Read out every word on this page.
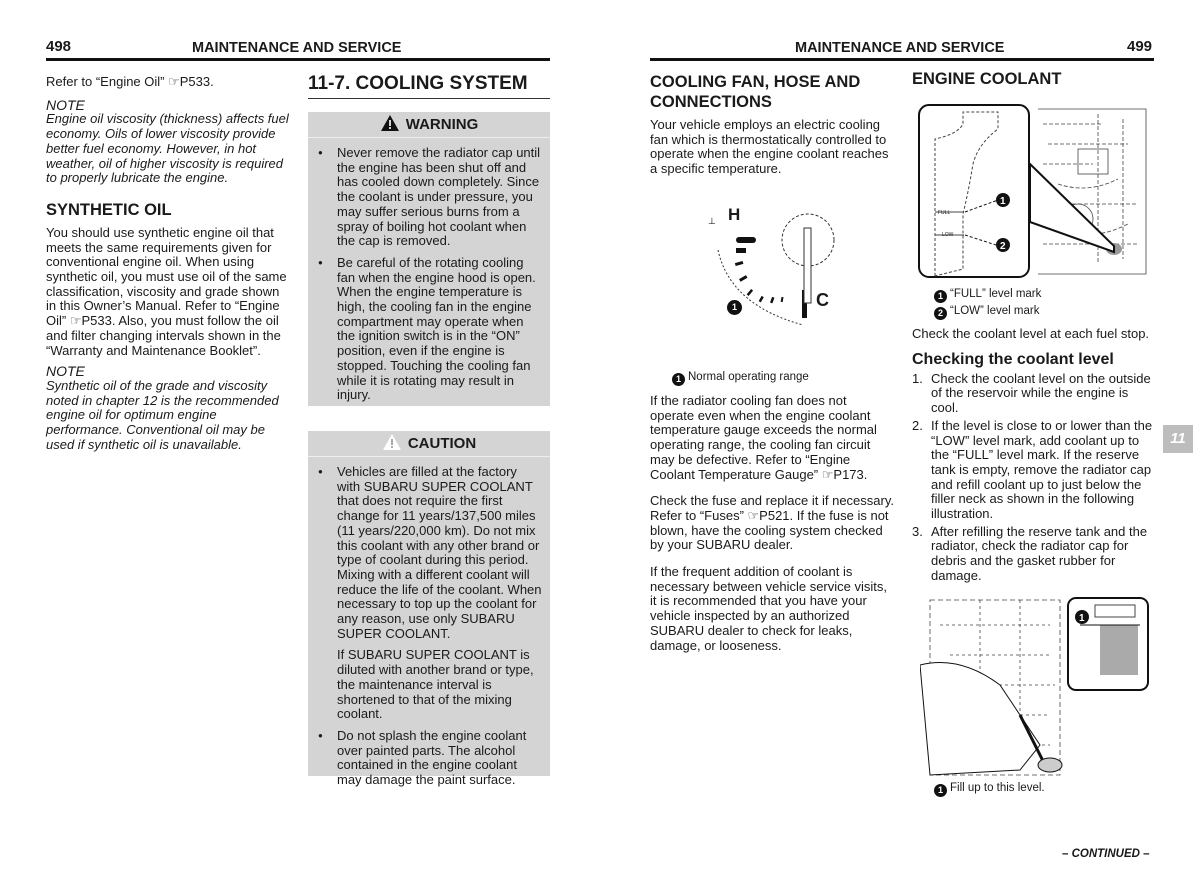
498	MAINTENANCE AND SERVICE

Refer to “Engine Oil” ☞P533.

NOTE

Engine oil viscosity (thickness) affects fuel economy. Oils of lower viscosity provide better fuel economy. However, in hot weather, oil of higher viscosity is required to properly lubricate the engine.

SYNTHETIC OIL

You should use synthetic engine oil that meets the same requirements given for conventional engine oil. When using synthetic oil, you must use oil of the same classification, viscosity and grade shown in this Owner’s Manual. Refer to “Engine Oil” ☞P533. Also, you must follow the oil and filter changing intervals shown in the “Warranty and Maintenance Booklet”.

NOTE

Synthetic oil of the grade and viscosity noted in chapter 12 is the recommended engine oil for optimum engine performance. Conventional oil may be used if synthetic oil is unavailable.

11-7. COOLING SYSTEM
WARNING
● Never remove the radiator cap until the engine has been shut off and has cooled down completely. Since the coolant is under pressure, you may suffer serious burns from a spray of boiling hot coolant when the cap is removed.
● Be careful of the rotating cooling fan when the engine hood is open. When the engine temperature is high, the cooling fan in the engine compartment may operate when the ignition switch is in the “ON” position, even if the engine is stopped. Touching the cooling fan while it is rotating may result in injury.
CAUTION
● Vehicles are filled at the factory with SUBARU SUPER COOLANT that does not require the first change for 11 years/137,500 miles (11 years/220,000 km). Do not mix this coolant with any other brand or type of coolant during this period. Mixing with a different coolant will reduce the life of the coolant. When necessary to top up the coolant for any reason, use only SUBARU SUPER COOLANT.

If SUBARU SUPER COOLANT is diluted with another brand or type, the maintenance interval is shortened to that of the mixing coolant.

● Do not splash the engine coolant over painted parts. The alcohol contained in the engine coolant may damage the paint surface.
MAINTENANCE AND SERVICE	499
COOLING FAN, HOSE AND CONNECTIONS

Your vehicle employs an electric cooling fan which is thermostatically controlled to operate when the engine coolant reaches a specific temperature.

⊥ H
C
1
1 Normal operating range

If the radiator cooling fan does not operate even when the engine coolant temperature gauge exceeds the normal operating range, the cooling fan circuit may be defective. Refer to “Engine Coolant Temperature Gauge” ☞P173.

Check the fuse and replace it if necessary. Refer to “Fuses” ☞P521. If the fuse is not blown, have the cooling system checked by your SUBARU dealer.

If the frequent addition of coolant is necessary between vehicle service visits, it is recommended that you have your vehicle inspected by an authorized SUBARU dealer to check for leaks, damage, or looseness.

ENGINE COOLANT
1
2
FULL
LOW
1 “FULL” level mark
2 “LOW” level mark

Check the coolant level at each fuel stop.

Checking the coolant level
1. Check the coolant level on the outside of the reservoir while the engine is cool.
2. If the level is close to or lower than the “LOW” level mark, add coolant up to the “FULL” level mark. If the reserve tank is empty, remove the radiator cap and refill coolant up to just below the filler neck as shown in the following illustration.
3. After refilling the reserve tank and the radiator, check the radiator cap for debris and the gasket rubber for damage.
1
1 Fill up to this level.
11
– CONTINUED –
